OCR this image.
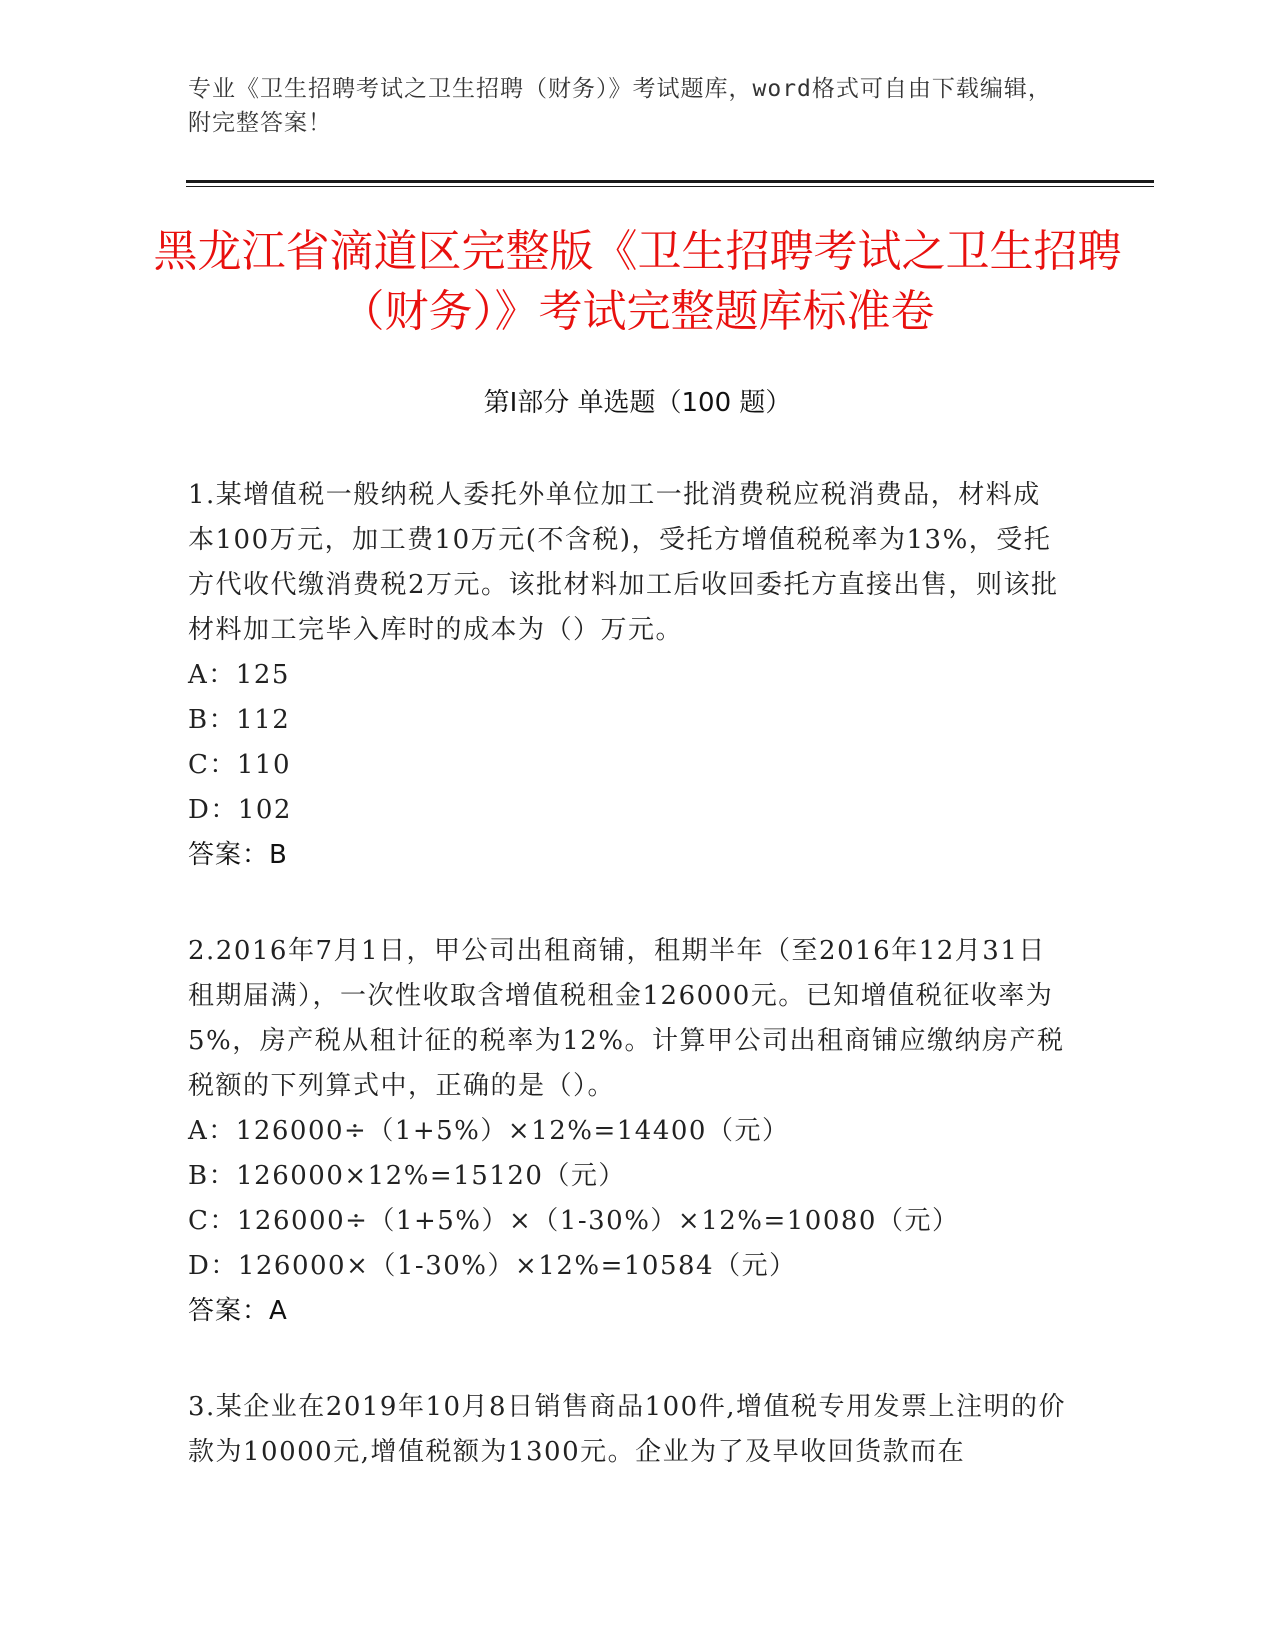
专业《卫生招聘考试之卫生招聘（财务）》考试题库，word格式可自由下载编辑，附完整答案！
黑龙江省滴道区完整版《卫生招聘考试之卫生招聘（财务）》考试完整题库标准卷
第Ⅰ部分 单选题（100 题）

1.某增值税一般纳税人委托外单位加工一批消费税应税消费品，材料成本100万元，加工费10万元(不含税)，受托方增值税税率为13%，受托方代收代缴消费税2万元。该批材料加工后收回委托方直接出售，则该批材料加工完毕入库时的成本为（）万元。

A：125

B：112

C：110

D：102

答案：B

2.2016年7月1日，甲公司出租商铺，租期半年（至2016年12月31日租期届满），一次性收取含增值税租金126000元。已知增值税征收率为5%，房产税从租计征的税率为12%。计算甲公司出租商铺应缴纳房产税税额的下列算式中，正确的是（）。

A：126000÷（1+5%）×12%=14400（元）

B：126000×12%=15120（元）

C：126000÷（1+5%）×（1-30%）×12%=10080（元）

D：126000×（1-30%）×12%=10584（元）

答案：A

3.某企业在2019年10月8日销售商品100件,增值税专用发票上注明的价款为10000元,增值税额为1300元。企业为了及早收回货款而在
